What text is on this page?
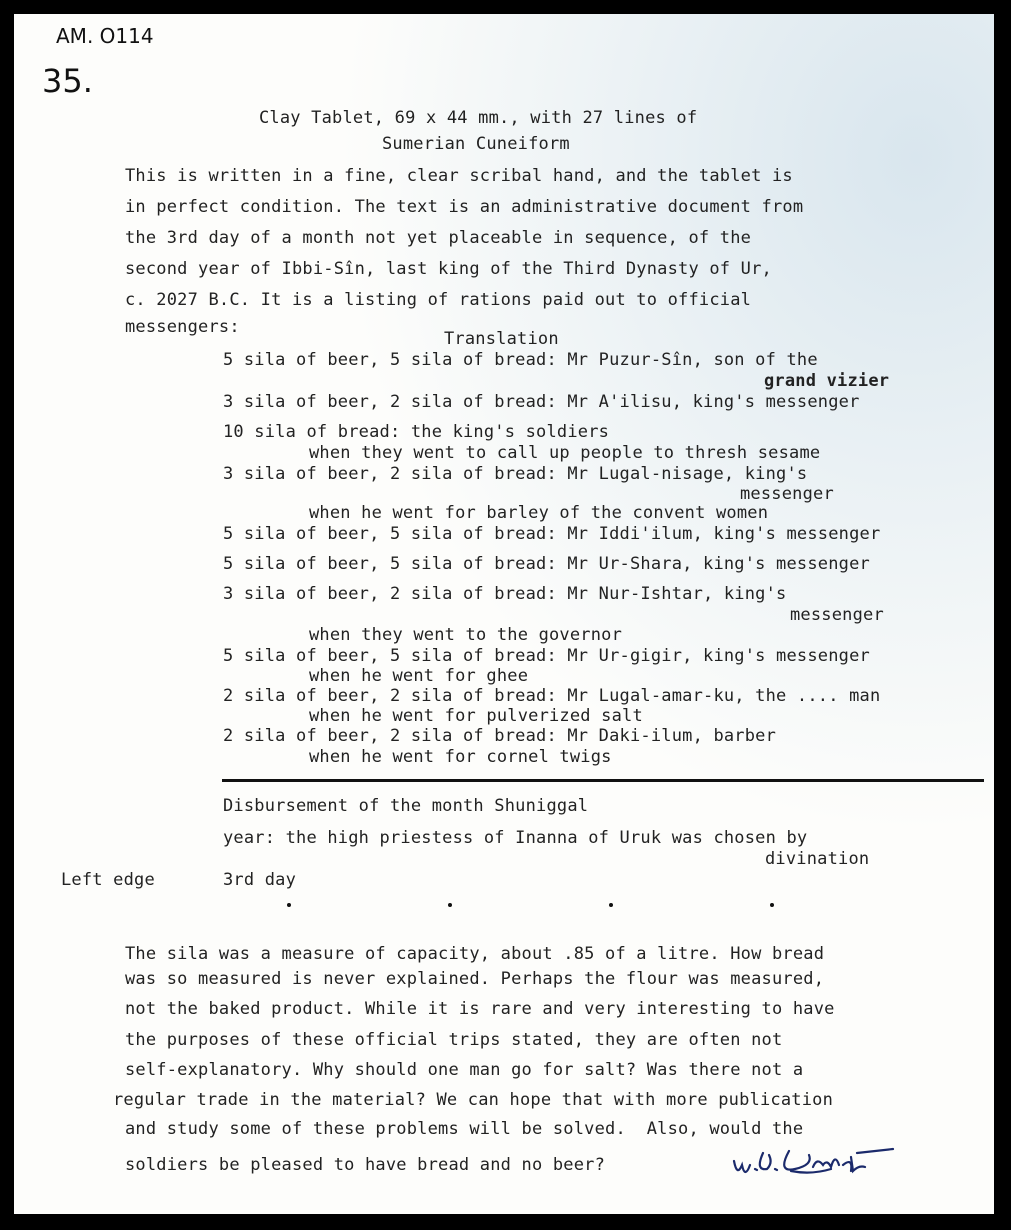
AM. O114
35.
Clay Tablet, 69 x 44 mm., with 27 lines of
Sumerian Cuneiform
This is written in a fine, clear scribal hand, and the tablet is
in perfect condition. The text is an administrative document from
the 3rd day of a month not yet placeable in sequence, of the
second year of Ibbi-Sîn, last king of the Third Dynasty of Ur,
c. 2027 B.C. It is a listing of rations paid out to official
messengers:
Translation
5 sila of beer, 5 sila of bread: Mr Puzur-Sîn, son of the
grand vizier
3 sila of beer, 2 sila of bread: Mr A'ilisu, king's messenger
10 sila of bread: the king's soldiers
when they went to call up people to thresh sesame
3 sila of beer, 2 sila of bread: Mr Lugal-nisage, king's
messenger
when he went for barley of the convent women
5 sila of beer, 5 sila of bread: Mr Iddi'ilum, king's messenger
5 sila of beer, 5 sila of bread: Mr Ur-Shara, king's messenger
3 sila of beer, 2 sila of bread: Mr Nur-Ishtar, king's
messenger
when they went to the governor
5 sila of beer, 5 sila of bread: Mr Ur-gigir, king's messenger
when he went for ghee
2 sila of beer, 2 sila of bread: Mr Lugal-amar-ku, the .... man
when he went for pulverized salt
2 sila of beer, 2 sila of bread: Mr Daki-ilum, barber
when he went for cornel twigs
Disbursement of the month Shuniggal
year: the high priestess of Inanna of Uruk was chosen by
divination
Left edge	3rd day
The sila was a measure of capacity, about .85 of a litre. How bread
was so measured is never explained. Perhaps the flour was measured,
not the baked product. While it is rare and very interesting to have
the purposes of these official trips stated, they are often not
self-explanatory. Why should one man go for salt? Was there not a
regular trade in the material? We can hope that with more publication
and study some of these problems will be solved.  Also, would the
soldiers be pleased to have bread and no beer?
